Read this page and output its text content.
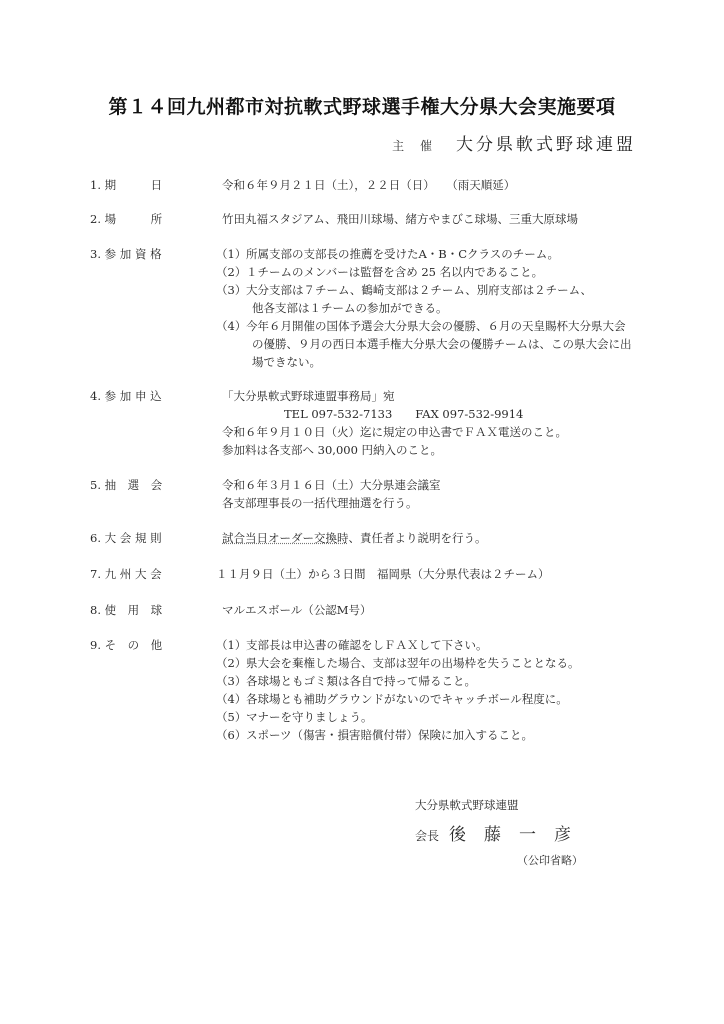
第１４回九州都市対抗軟式野球選手権大分県大会実施要項
主 催 大分県軟式野球連盟
1. 期　　　日	令和６年９月２１日（土），２２日（日）　　（雨天順延）
2. 場　　　所	竹田丸福スタジアム、飛田川球場、緒方やまびこ球場、三重大原球場
3. 参 加 資 格	（1） 所属支部の支部長の推薦を受けたA・B・Cクラスのチーム。
（2） １チームのメンバーは監督を含め 25 名以内であること。
（3） 大分支部は７チーム、鶴崎支部は２チーム、別府支部は２チーム、
他各支部は１チームの参加ができる。
（4） 今年６月開催の国体予選会大分県大会の優勝、６月の天皇賜杯大分県大会
の優勝、９月の西日本選手権大分県大会の優勝チームは、この県大会に出
場できない。
4. 参 加 申 込	「大分県軟式野球連盟事務局」宛
TEL 097-532-7133　　FAX 097-532-9914
令和６年９月１０日（火）迄に規定の申込書でＦＡＸ電送のこと。
参加料は各支部へ 30,000 円納入のこと。
5. 抽　選　会	令和６年３月１６日（土）大分県連会議室
各支部理事長の一括代理抽選を行う。
6. 大 会 規 則	試合当日オーダー交換時、責任者より説明を行う。
7. 九 州 大 会	１１月９日（土）から３日間　福岡県（大分県代表は２チーム）
8. 使　用　球	マルエスボール（公認M号）
9. そ　の　他	（1） 支部長は申込書の確認をしＦＡＸして下さい。
（2） 県大会を棄権した場合、支部は翌年の出場枠を失うこととなる。
（3） 各球場ともゴミ類は各自で持って帰ること。
（4） 各球場とも補助グラウンドがないのでキャッチボール程度に。
（5） マナーを守りましょう。
（6） スポーツ（傷害・損害賠償付帯）保険に加入すること。
大分県軟式野球連盟
会長 後藤一彦
（公印省略）
